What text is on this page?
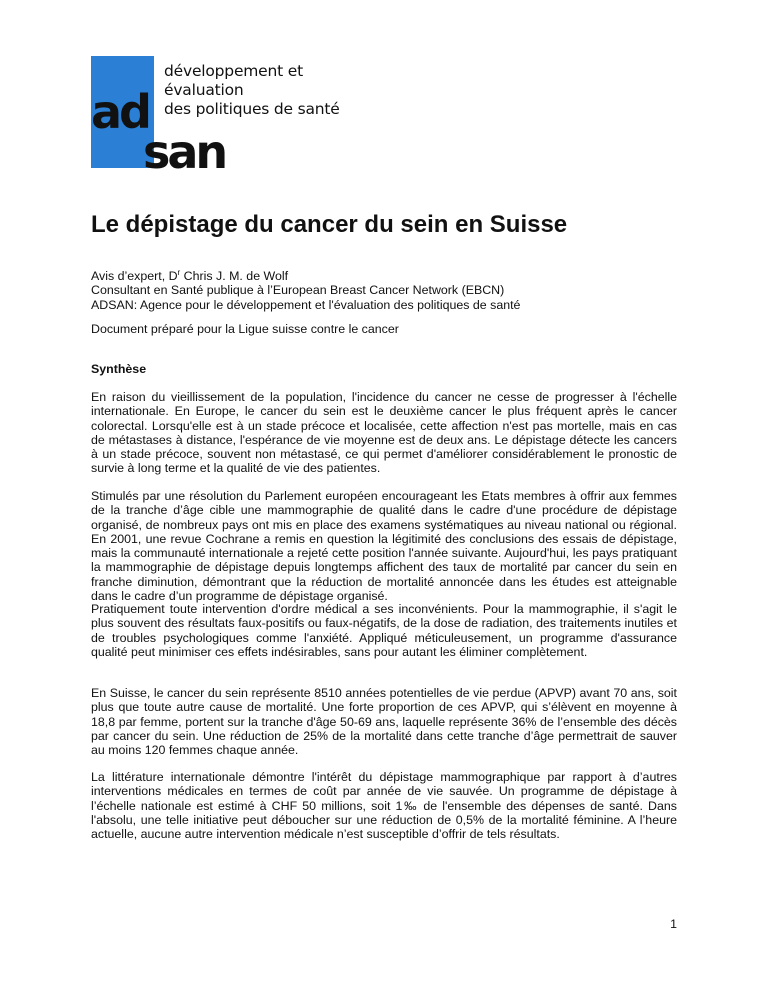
développement et évaluation
des politiques de santé
ad
san
Le dépistage du cancer du sein en Suisse

Avis d’expert, $D^r$ Chris J. M. de Wolf

Consultant en Santé publique à l’European Breast Cancer Network (EBCN)

ADSAN: Agence pour le développement et l'évaluation des politiques de santé

Document préparé pour la Ligue suisse contre le cancer

Synthèse

En raison du vieillissement de la population, l'incidence du cancer ne cesse de progresser à l'échelle internationale. En Europe, le cancer du sein est le deuxième cancer le plus fréquent après le cancer colorectal. Lorsqu'elle est à un stade précoce et localisée, cette affection n'est pas mortelle, mais en cas de métastases à distance, l'espérance de vie moyenne est de deux ans. Le dépistage détecte les cancers à un stade précoce, souvent non métastasé, ce qui permet d'améliorer considérablement le pronostic de survie à long terme et la qualité de vie des patientes.

Stimulés par une résolution du Parlement européen encourageant les Etats membres à offrir aux femmes de la tranche d’âge cible une mammographie de qualité dans le cadre d'une procédure de dépistage organisé, de nombreux pays ont mis en place des examens systématiques au niveau national ou régional. En 2001, une revue Cochrane a remis en question la légitimité des conclusions des essais de dépistage, mais la communauté internationale a rejeté cette position l'année suivante. Aujourd'hui, les pays pratiquant la mammographie de dépistage depuis longtemps affichent des taux de mortalité par cancer du sein en franche diminution, démontrant que la réduction de mortalité annoncée dans les études est atteignable dans le cadre d’un programme de dépistage organisé.

Pratiquement toute intervention d'ordre médical a ses inconvénients. Pour la mammographie, il s'agit le plus souvent des résultats faux-positifs ou faux-négatifs, de la dose de radiation, des traitements inutiles et de troubles psychologiques comme l'anxiété. Appliqué méticuleusement, un programme d'assurance qualité peut minimiser ces effets indésirables, sans pour autant les éliminer complètement.

En Suisse, le cancer du sein représente 8510 années potentielles de vie perdue (APVP) avant 70 ans, soit plus que toute autre cause de mortalité. Une forte proportion de ces APVP, qui s’élèvent en moyenne à 18,8 par femme, portent sur la tranche d'âge 50-69 ans, laquelle représente 36% de l’ensemble des décès par cancer du sein. Une réduction de 25% de la mortalité dans cette tranche d’âge permettrait de sauver au moins 120 femmes chaque année.

La littérature internationale démontre l'intérêt du dépistage mammographique par rapport à d’autres interventions médicales en termes de coût par année de vie sauvée. Un programme de dépistage à l’échelle nationale est estimé à CHF 50 millions, soit 1‰ de l'ensemble des dépenses de santé. Dans l'absolu, une telle initiative peut déboucher sur une réduction de 0,5% de la mortalité féminine. A l’heure actuelle, aucune autre intervention médicale n’est susceptible d’offrir de tels résultats.

1
